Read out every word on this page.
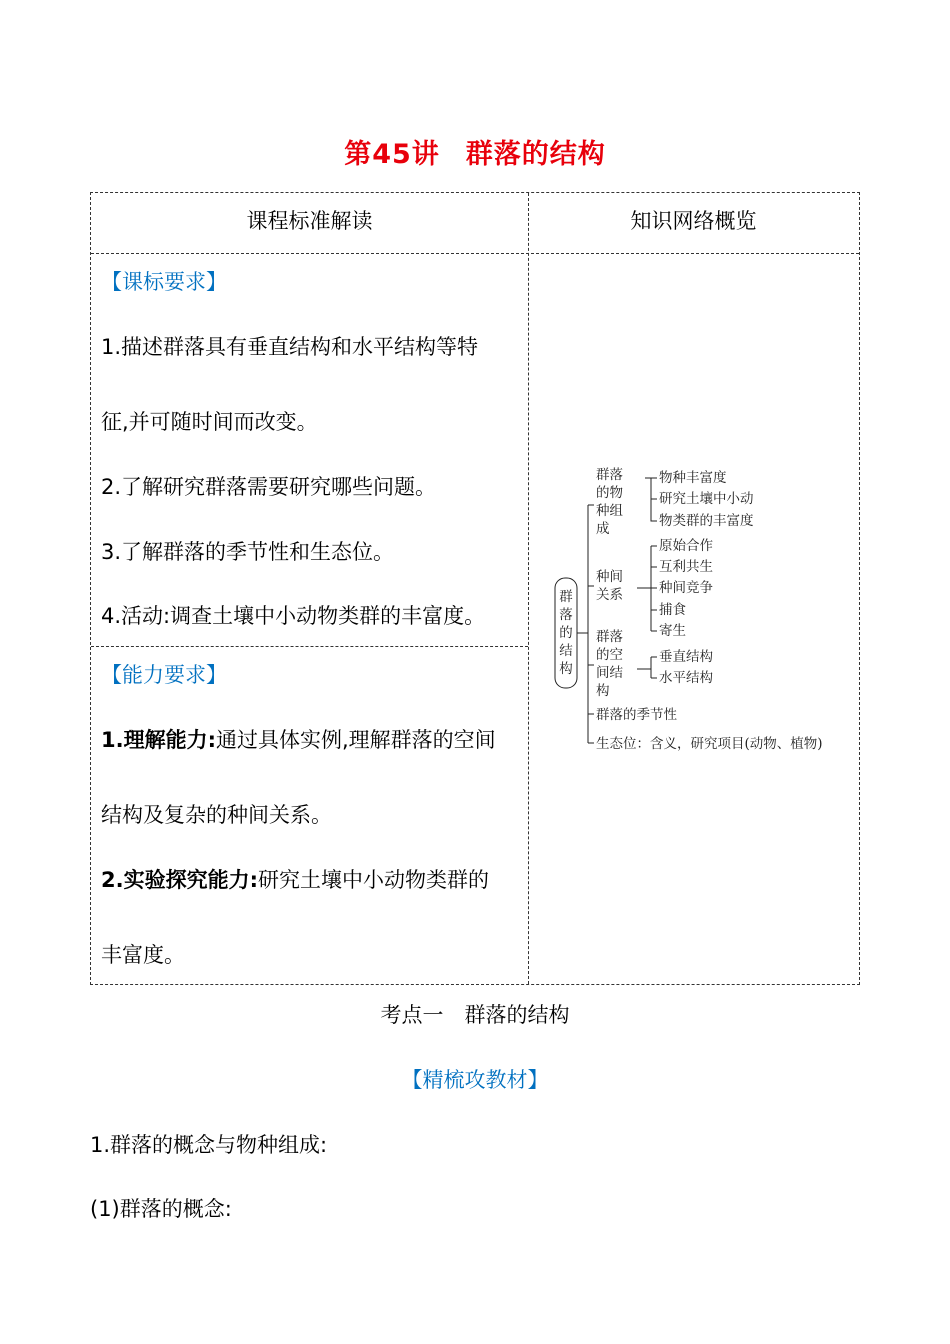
第45讲 群落的结构
课程标准解读	知识网络概览
【课标要求】
1.描述群落具有垂直结构和水平结构等特
征,并可随时间而改变。
2.了解研究群落需要研究哪些问题。
3.了解群落的季节性和生态位。
4.活动:调查土壤中小动物类群的丰富度。
【能力要求】
1.理解能力:通过具体实例,理解群落的空间
结构及复杂的种间关系。
2.实验探究能力:研究土壤中小动物类群的
丰富度。
群落的结构
群落
的物
种组
成
物种丰富度
研究土壤中小动
物类群的丰富度
种间
关系
原始合作
互利共生
种间竞争
捕食
寄生
群落
的空
间结
构
垂直结构
水平结构
群落的季节性
生态位：含义，研究项目(动物、植物)
考点一　群落的结构
【精梳攻教材】
1.群落的概念与物种组成:
(1)群落的概念:
